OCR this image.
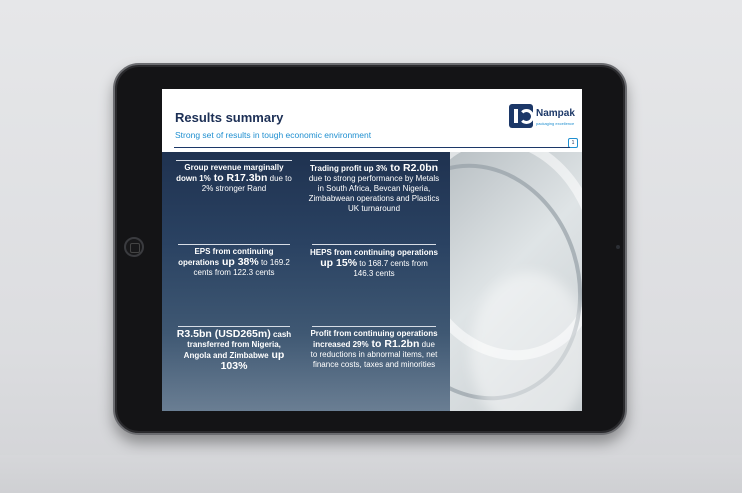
Results summary
Strong set of results in tough economic environment
Nampak
packaging excellence
1
Group revenue marginally down 1% to R17.3bn due to 2% stronger Rand
Trading profit up 3% to R2.0bn due to strong performance by Metals in South Africa, Bevcan Nigeria, Zimbabwean operations and Plastics UK turnaround
EPS from continuing operations up 38% to 169.2 cents from 122.3 cents
HEPS from continuing operations up 15% to 168.7 cents from 146.3 cents
R3.5bn (USD265m) cash transferred from Nigeria, Angola and Zimbabwe up 103%
Profit from continuing operations increased 29% to R1.2bn due to reductions in abnormal items, net finance costs, taxes and minorities
